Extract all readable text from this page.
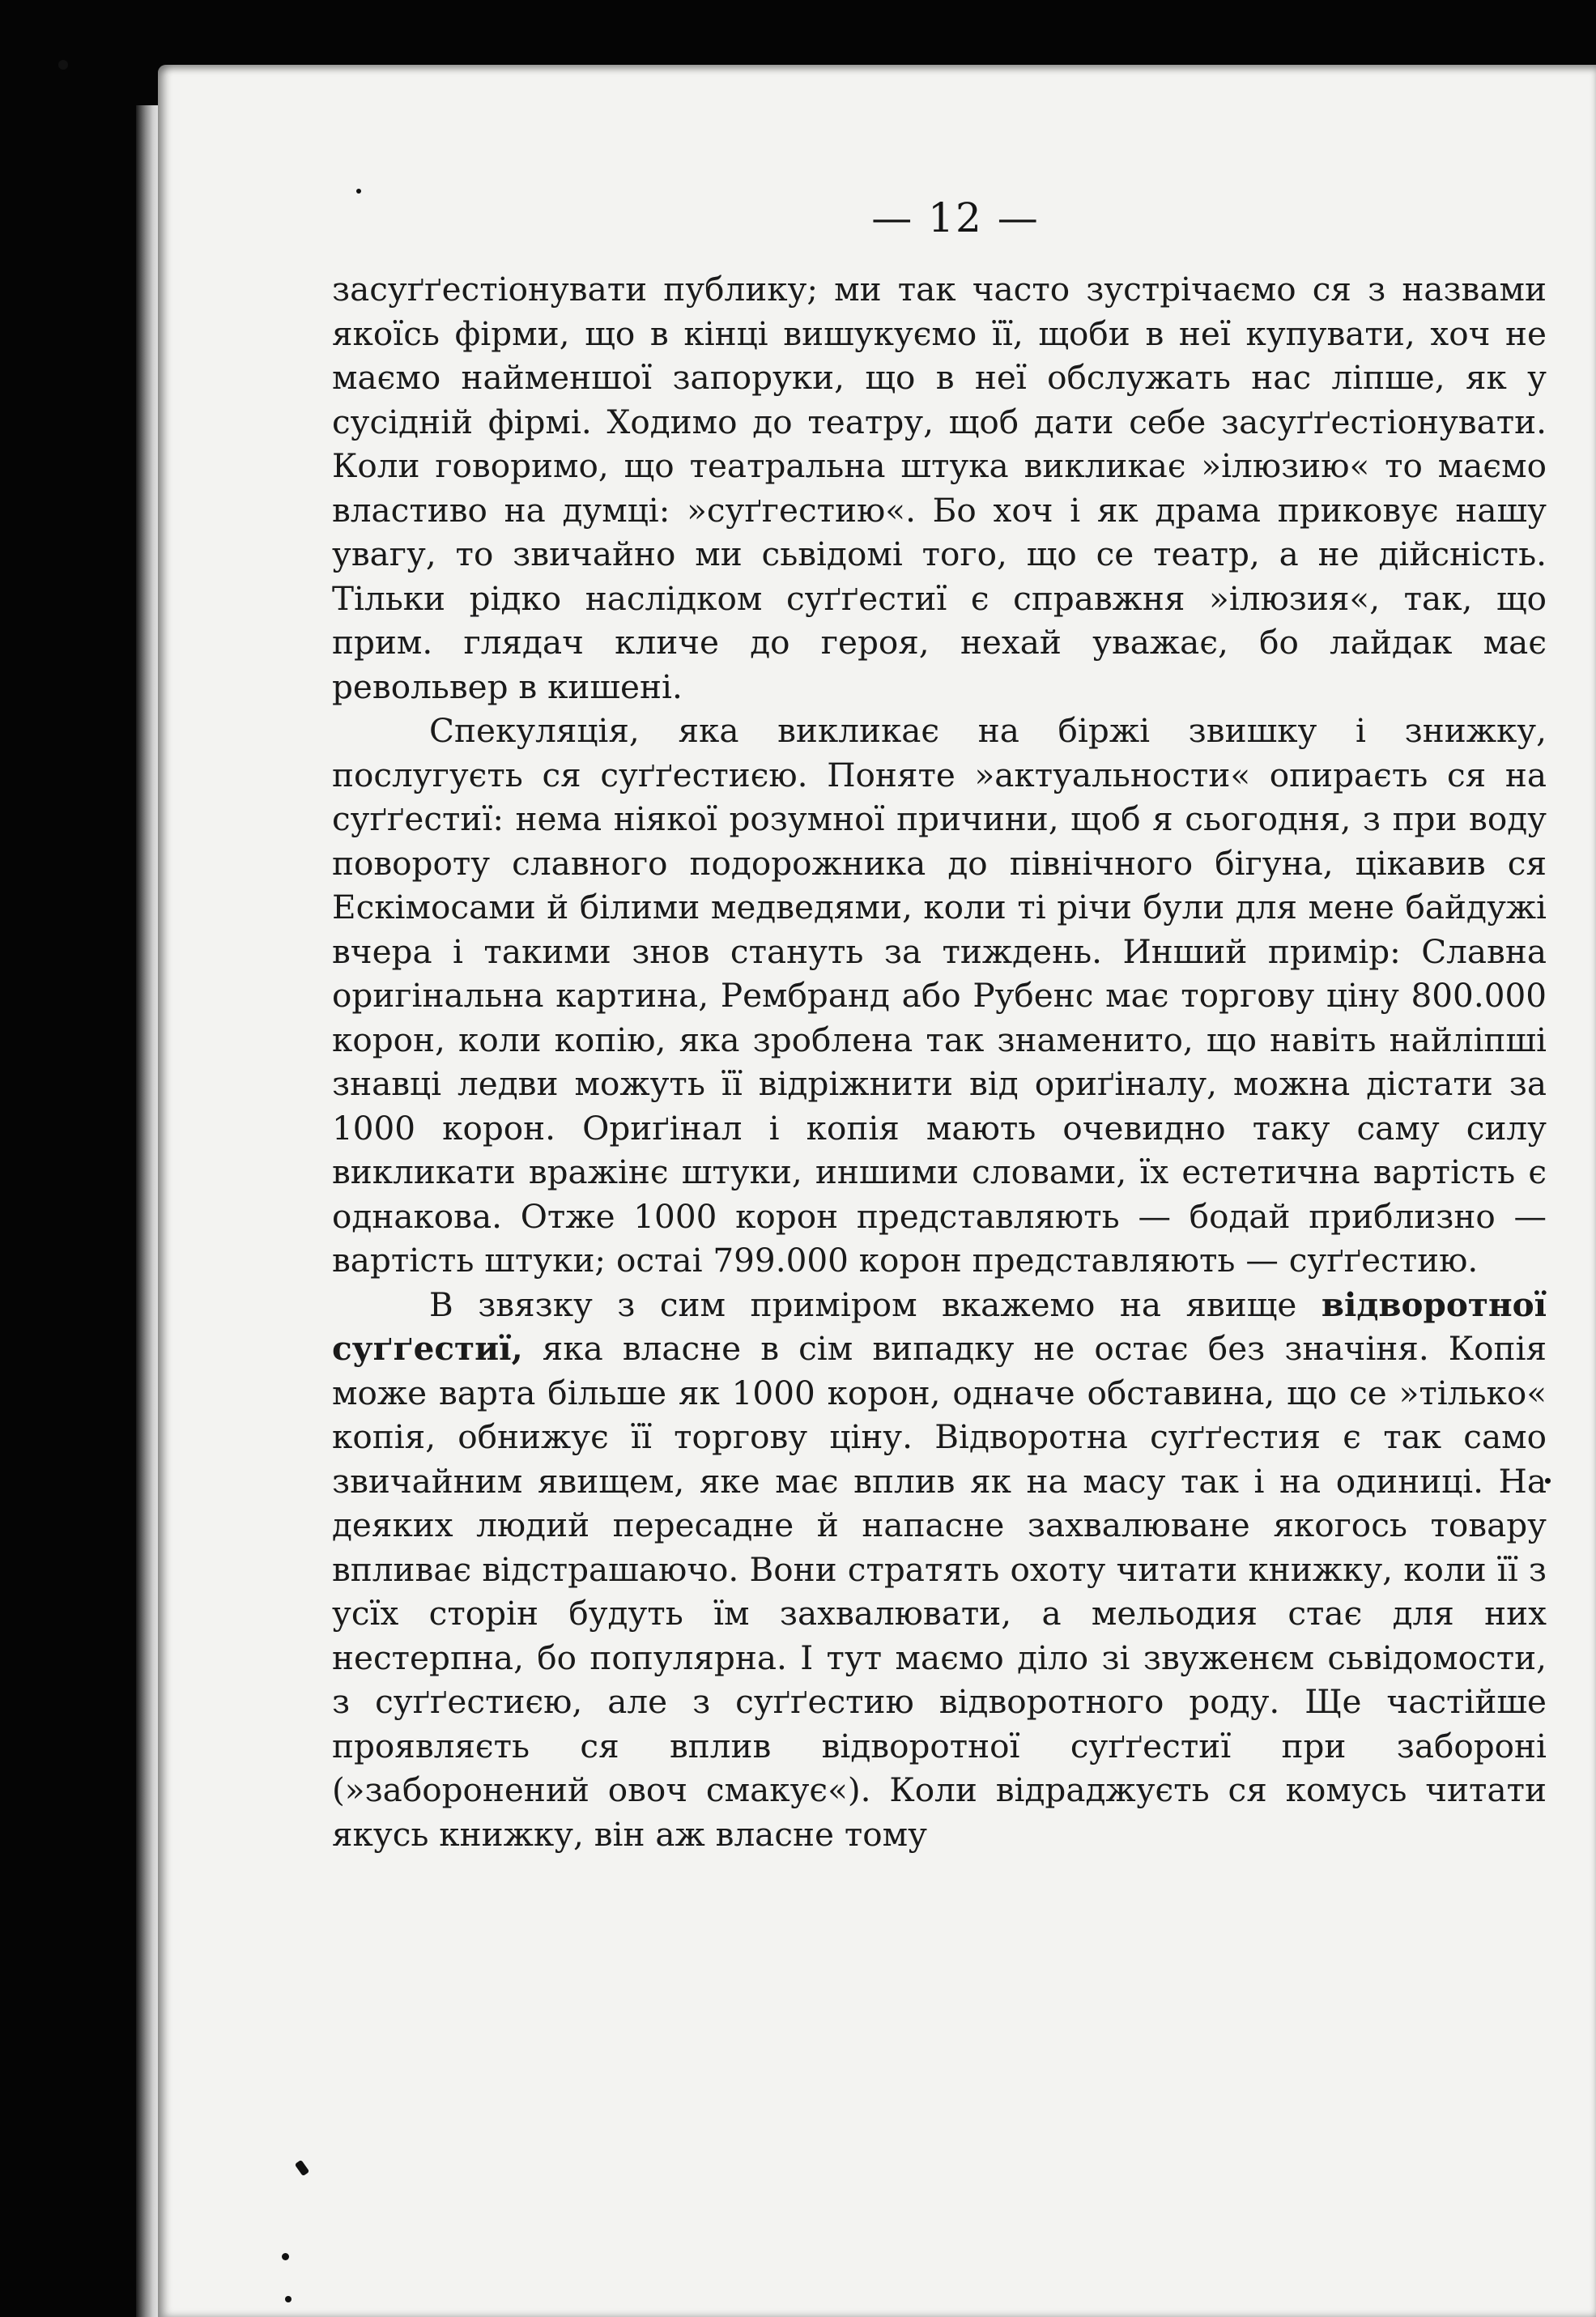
— 12 —

засуґґестіонувати публику; ми так часто зустрічаємо ся з назвами якоїсь фірми, що в кінці вишукуємо її, щоби в неї купувати, хоч не маємо найменшої запоруки, що в неї обслужать нас ліпше, як у сусідній фірмі. Ходимо до театру, щоб дати себе засуґґестіонувати. Коли говоримо, що театральна штука викликає »ілюзию« то маємо властиво на думці: »суґгестию«. Бо хоч і як драма приковує нашу увагу, то звичайно ми сьвідомі того, що се театр, а не дійсність. Тільки рідко наслідком суґґестиї є справжня »ілюзия«, так, що прим. глядач кличе до героя, нехай уважає, бо лайдак має револьвер в кишені.

Спекуляція, яка викликає на біржі звишку і знижку, послугуєть ся суґґестиєю. Поняте »актуальности« опираєть ся на суґґестиї: нема ніякої розумної причини, щоб я сьогодня, з при воду повороту славного подорожника до північного бігуна, цікавив ся Ескімосами й білими медведями, коли ті річи були для мене байдужі вчера і такими знов стануть за тиждень. Инший примір: Славна оригінальна картина, Рембранд або Рубенс має торгову ціну 800.000 корон, коли копію, яка зроблена так знаменито, що навіть найліпші знавці ледви можуть її відріжнити від ориґіналу, можна дістати за 1000 корон. Ориґінал і копія мають очевидно таку саму силу викликати вражінє штуки, иншими словами, їх естетична вартість є однакова. Отже 1000 корон представляють — бодай приблизно — вартість штуки; остаі 799.000 корон представляють — суґґестию.

В звязку з сим приміром вкажемо на явище відворотної суґґестиї, яка власне в сім випадку не остає без значіня. Копія може варта більше як 1000 корон, одначе обставина, що се »тілько« копія, обнижує її торгову ціну. Відворотна суґґестия є так само звичайним явищем, яке має вплив як на масу так і на одиниці. На деяких людий пересадне й напасне захвалюване якогось товару впливає відстрашаючо. Вони стратять охоту читати книжку, коли її з усїх сторін будуть їм захвалювати, а мельодия стає для них нестерпна, бо популярна. І тут маємо діло зі звуженєм сьвідомости, з суґґестиєю, але з суґґестию відворотного роду. Ще частійше проявляєть ся вплив відворотної суґґестиї при забороні (»заборонений овоч смакує«). Коли відраджуєть ся комусь читати якусь книжку, він аж власне тому
